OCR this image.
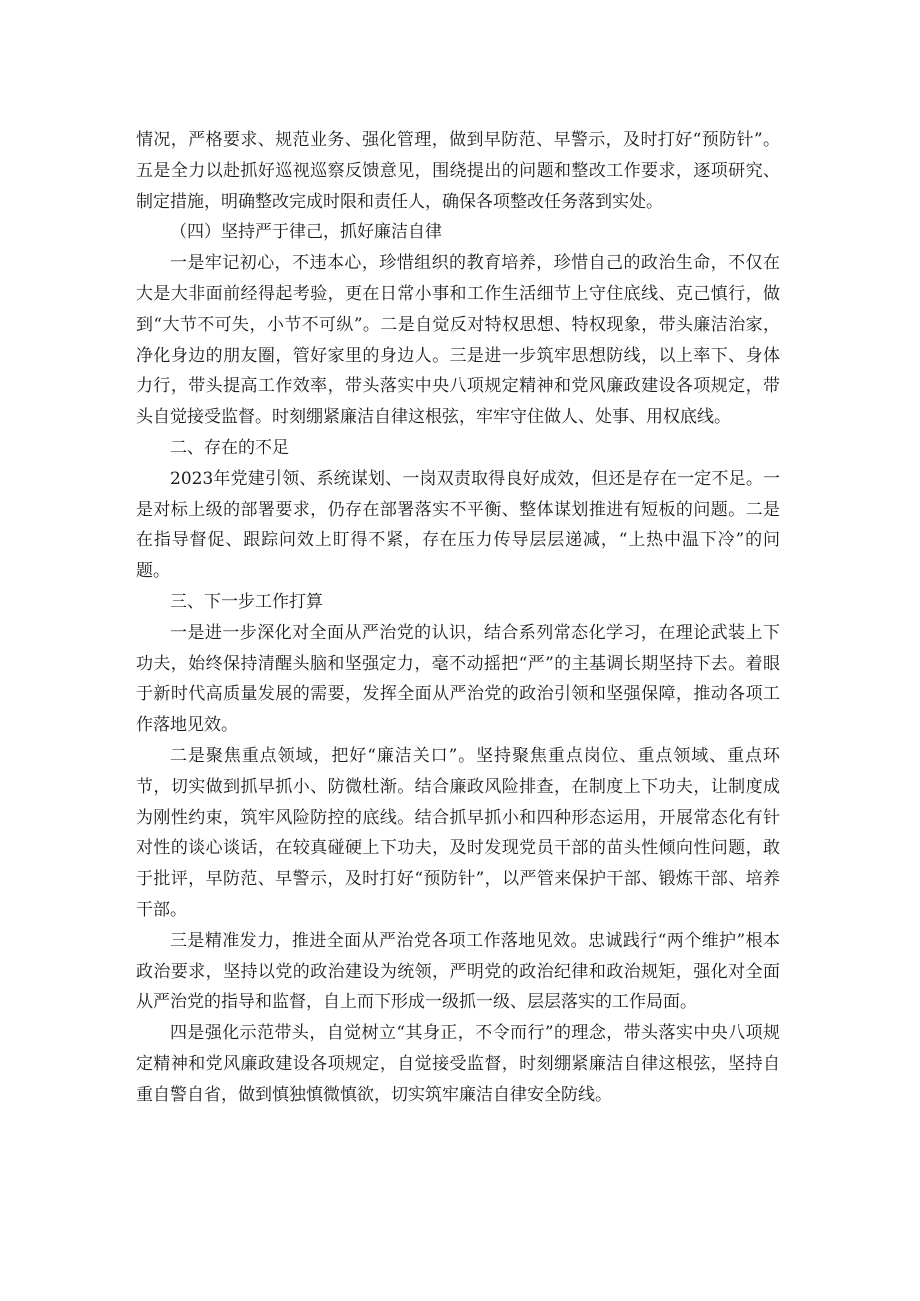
情况，严格要求、规范业务、强化管理，做到早防范、早警示，及时打好“预防针”。五是全力以赴抓好巡视巡察反馈意见，围绕提出的问题和整改工作要求，逐项研究、制定措施，明确整改完成时限和责任人，确保各项整改任务落到实处。

（四）坚持严于律己，抓好廉洁自律

一是牢记初心，不违本心，珍惜组织的教育培养，珍惜自己的政治生命，不仅在大是大非面前经得起考验，更在日常小事和工作生活细节上守住底线、克己慎行，做到“大节不可失，小节不可纵”。二是自觉反对特权思想、特权现象，带头廉洁治家，净化身边的朋友圈，管好家里的身边人。三是进一步筑牢思想防线，以上率下、身体力行，带头提高工作效率，带头落实中央八项规定精神和党风廉政建设各项规定，带头自觉接受监督。时刻绷紧廉洁自律这根弦，牢牢守住做人、处事、用权底线。

二、存在的不足

2023年党建引领、系统谋划、一岗双责取得良好成效，但还是存在一定不足。一是对标上级的部署要求，仍存在部署落实不平衡、整体谋划推进有短板的问题。二是在指导督促、跟踪问效上盯得不紧，存在压力传导层层递减，“上热中温下冷”的问题。

三、下一步工作打算

一是进一步深化对全面从严治党的认识，结合系列常态化学习，在理论武装上下功夫，始终保持清醒头脑和坚强定力，毫不动摇把“严”的主基调长期坚持下去。着眼于新时代高质量发展的需要，发挥全面从严治党的政治引领和坚强保障，推动各项工作落地见效。

二是聚焦重点领域，把好“廉洁关口”。坚持聚焦重点岗位、重点领域、重点环节，切实做到抓早抓小、防微杜渐。结合廉政风险排查，在制度上下功夫，让制度成为刚性约束，筑牢风险防控的底线。结合抓早抓小和四种形态运用，开展常态化有针对性的谈心谈话，在较真碰硬上下功夫，及时发现党员干部的苗头性倾向性问题，敢于批评，早防范、早警示，及时打好“预防针”，以严管来保护干部、锻炼干部、培养干部。

三是精准发力，推进全面从严治党各项工作落地见效。忠诚践行“两个维护”根本政治要求，坚持以党的政治建设为统领，严明党的政治纪律和政治规矩，强化对全面从严治党的指导和监督，自上而下形成一级抓一级、层层落实的工作局面。

四是强化示范带头，自觉树立“其身正，不令而行”的理念，带头落实中央八项规定精神和党风廉政建设各项规定，自觉接受监督，时刻绷紧廉洁自律这根弦，坚持自重自警自省，做到慎独慎微慎欲，切实筑牢廉洁自律安全防线。
